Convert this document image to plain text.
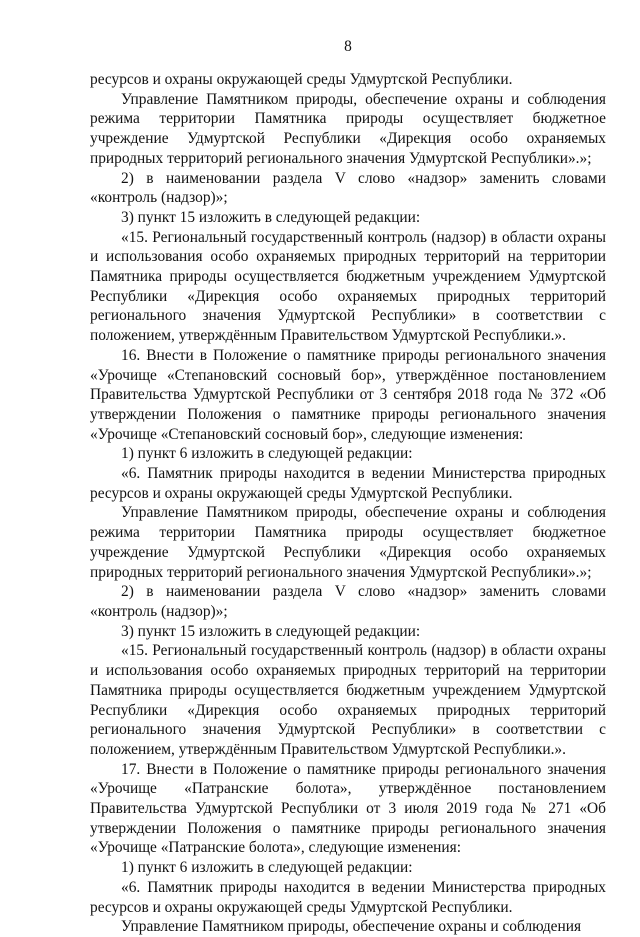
8

ресурсов и охраны окружающей среды Удмуртской Республики.

Управление Памятником природы, обеспечение охраны и соблюдения режима территории Памятника природы осуществляет бюджетное учреждение Удмуртской Республики «Дирекция особо охраняемых природных территорий регионального значения Удмуртской Республики».»;

2) в наименовании раздела V слово «надзор» заменить словами «контроль (надзор)»;

3) пункт 15 изложить в следующей редакции:

«15. Региональный государственный контроль (надзор) в области охраны и использования особо охраняемых природных территорий на территории Памятника природы осуществляется бюджетным учреждением Удмуртской Республики «Дирекция особо охраняемых природных территорий регионального значения Удмуртской Республики» в соответствии с положением, утверждённым Правительством Удмуртской Республики.».

16. Внести в Положение о памятнике природы регионального значения «Урочище «Степановский сосновый бор», утверждённое постановлением Правительства Удмуртской Республики от 3 сентября 2018 года № 372 «Об утверждении Положения о памятнике природы регионального значения «Урочище «Степановский сосновый бор», следующие изменения:

1) пункт 6 изложить в следующей редакции:

«6. Памятник природы находится в ведении Министерства природных ресурсов и охраны окружающей среды Удмуртской Республики.

Управление Памятником природы, обеспечение охраны и соблюдения режима территории Памятника природы осуществляет бюджетное учреждение Удмуртской Республики «Дирекция особо охраняемых природных территорий регионального значения Удмуртской Республики».»;

2) в наименовании раздела V слово «надзор» заменить словами «контроль (надзор)»;

3) пункт 15 изложить в следующей редакции:

«15. Региональный государственный контроль (надзор) в области охраны и использования особо охраняемых природных территорий на территории Памятника природы осуществляется бюджетным учреждением Удмуртской Республики «Дирекция особо охраняемых природных территорий регионального значения Удмуртской Республики» в соответствии с положением, утверждённым Правительством Удмуртской Республики.».

17. Внести в Положение о памятнике природы регионального значения «Урочище «Патранские болота», утверждённое постановлением Правительства Удмуртской Республики от 3 июля 2019 года № 271 «Об утверждении Положения о памятнике природы регионального значения «Урочище «Патранские болота», следующие изменения:

1) пункт 6 изложить в следующей редакции:

«6. Памятник природы находится в ведении Министерства природных ресурсов и охраны окружающей среды Удмуртской Республики.

Управление Памятником природы, обеспечение охраны и соблюдения
